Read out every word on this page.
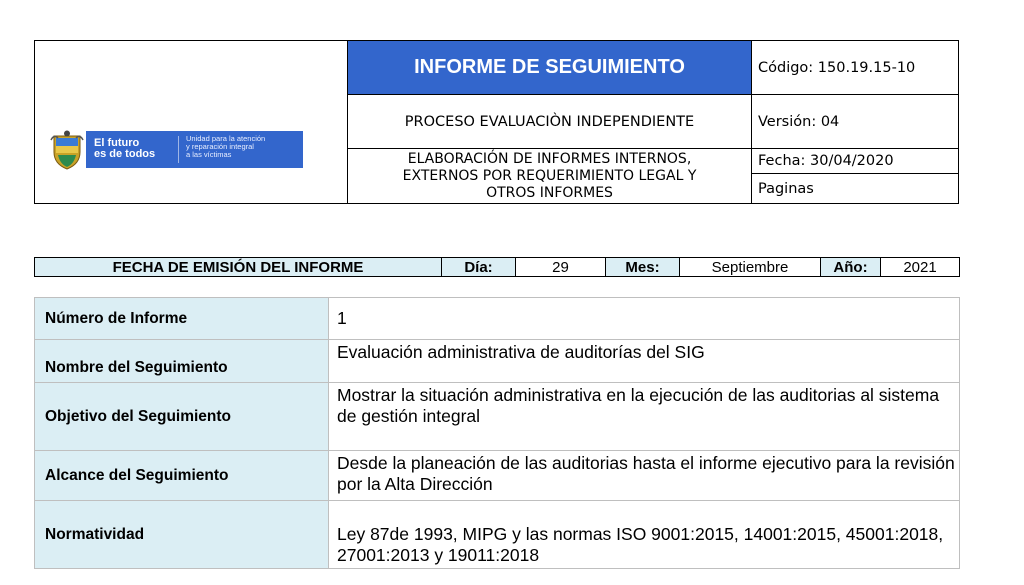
El futuro
es de todos
Unidad para la atención
y reparación integral
a las víctimas
INFORME DE SEGUIMIENTO
PROCESO EVALUACIÒN INDEPENDIENTE
ELABORACIÓN DE INFORMES INTERNOS,
EXTERNOS POR REQUERIMIENTO LEGAL Y
OTROS INFORMES
Código: 150.19.15-10
Versión: 04
Fecha: 30/04/2020
Paginas
FECHA DE EMISIÓN DEL INFORME	Día:	29	Mes:	Septiembre	Año:	2021
Número de Informe	1
Nombre del Seguimiento	Evaluación administrativa de auditorías del SIG
Objetivo del Seguimiento	Mostrar la situación administrativa en la ejecución de las auditorias al sistema de gestión integral
Alcance del Seguimiento	Desde la planeación de las auditorias hasta el informe ejecutivo para la revisión por la Alta Dirección
Normatividad	Ley 87de 1993, MIPG y las normas ISO 9001:2015, 14001:2015, 45001:2018, 27001:2013 y 19011:2018
